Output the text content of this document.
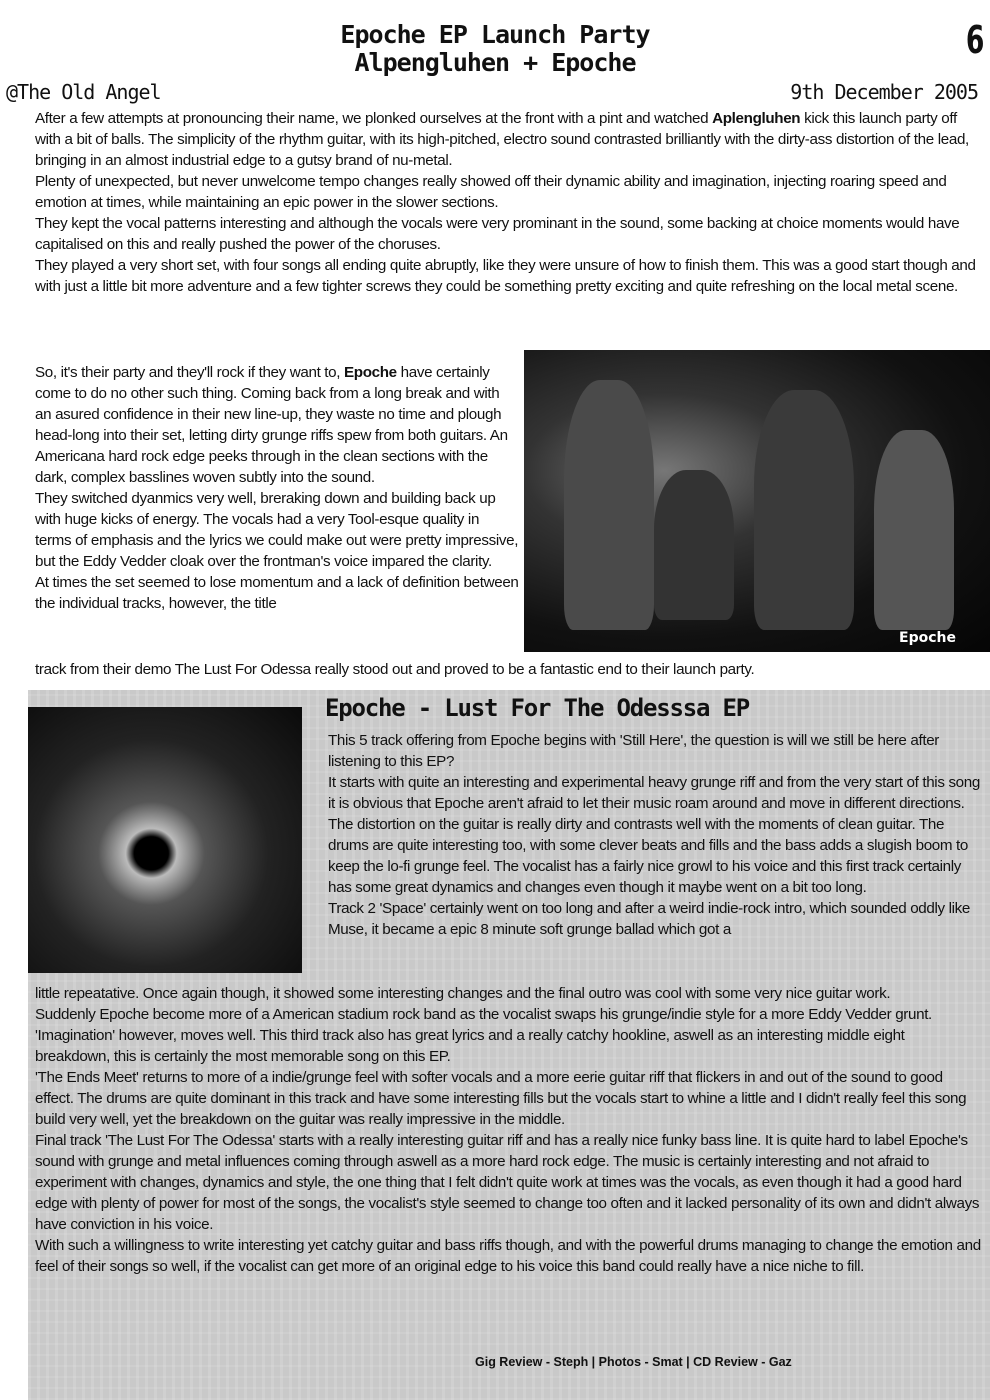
Epoche EP Launch Party
Alpengluhen + Epoche
6
@The Old Angel	9th December 2005

After a few attempts at pronouncing their name, we plonked ourselves at the front with a pint and watched Aplengluhen kick this launch party off with a bit of balls. The simplicity of the rhythm guitar, with its high-pitched, electro sound contrasted brilliantly with the dirty-ass distortion of the lead, bringing in an almost industrial edge to a gutsy brand of nu-metal.

Plenty of unexpected, but never unwelcome tempo changes really showed off their dynamic ability and imagination, injecting roaring speed and emotion at times, while maintaining an epic power in the slower sections.

They kept the vocal patterns interesting and although the vocals were very prominant in the sound, some backing at choice moments would have capitalised on this and really pushed the power of the choruses.

They played a very short set, with four songs all ending quite abruptly, like they were unsure of how to finish them. This was a good start though and with just a little bit more adventure and a few tighter screws they could be something pretty exciting and quite refreshing on the local metal scene.

So, it's their party and they'll rock if they want to, Epoche have certainly come to do no other such thing. Coming back from a long break and with an asured confidence in their new line-up, they waste no time and plough head-long into their set, letting dirty grunge riffs spew from both guitars. An Americana hard rock edge peeks through in the clean sections with the dark, complex basslines woven subtly into the sound.

They switched dyanmics very well, breraking down and building back up with huge kicks of energy. The vocals had a very Tool-esque quality in terms of emphasis and the lyrics we could make out were pretty impressive, but the Eddy Vedder cloak over the frontman's voice impared the clarity.

At times the set seemed to lose momentum and a lack of definition between the individual tracks, however, the title

track from their demo The Lust For Odessa really stood out and proved to be a fantastic end to their launch party.
Epoche
Epoche - Lust For The Odesssa EP

This 5 track offering from Epoche begins with 'Still Here', the question is will we still be here after listening to this EP?

It starts with quite an interesting and experimental heavy grunge riff and from the very start of this song it is obvious that Epoche aren't afraid to let their music roam around and move in different directions. The distortion on the guitar is really dirty and contrasts well with the moments of clean guitar. The drums are quite interesting too, with some clever beats and fills and the bass adds a slugish boom to keep the lo-fi grunge feel. The vocalist has a fairly nice growl to his voice and this first track certainly has some great dynamics and changes even though it maybe went on a bit too long.

Track 2 'Space' certainly went on too long and after a weird indie-rock intro, which sounded oddly like Muse, it became a epic 8 minute soft grunge ballad which got a

little repeatative. Once again though, it showed some interesting changes and the final outro was cool with some very nice guitar work.

Suddenly Epoche become more of a American stadium rock band as the vocalist swaps his grunge/indie style for a more Eddy Vedder grunt. 'Imagination' however, moves well. This third track also has great lyrics and a really catchy hookline, aswell as an interesting middle eight breakdown, this is certainly the most memorable song on this EP.

'The Ends Meet' returns to more of a indie/grunge feel with softer vocals and a more eerie guitar riff that flickers in and out of the sound to good effect. The drums are quite dominant in this track and have some interesting fills but the vocals start to whine a little and I didn't really feel this song build very well, yet the breakdown on the guitar was really impressive in the middle.

Final track 'The Lust For The Odessa' starts with a really interesting guitar riff and has a really nice funky bass line. It is quite hard to label Epoche's sound with grunge and metal influences coming through aswell as a more hard rock edge. The music is certainly interesting and not afraid to experiment with changes, dynamics and style, the one thing that I felt didn't quite work at times was the vocals, as even though it had a good hard edge with plenty of power for most of the songs, the vocalist's style seemed to change too often and it lacked personality of its own and didn't always have conviction in his voice.

With such a willingness to write interesting yet catchy guitar and bass riffs though, and with the powerful drums managing to change the emotion and feel of their songs so well, if the vocalist can get more of an original edge to his voice this band could really have a nice niche to fill.

Gig Review - Steph | Photos - Smat | CD Review - Gaz
